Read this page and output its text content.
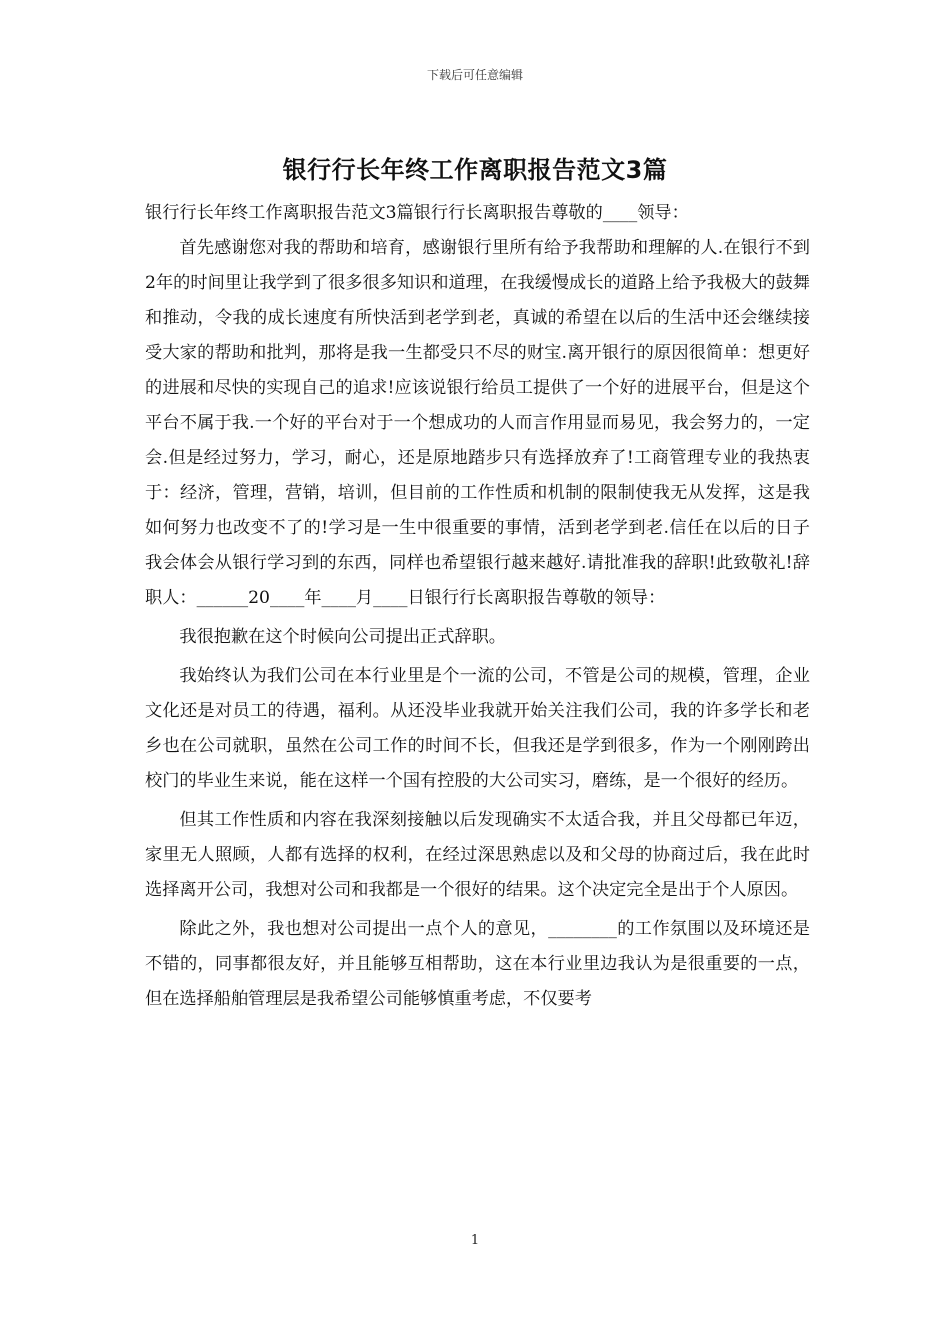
下载后可任意编辑
银行行长年终工作离职报告范文3篇

银行行长年终工作离职报告范文3篇银行行长离职报告尊敬的____领导：

首先感谢您对我的帮助和培育，感谢银行里所有给予我帮助和理解的人.在银行不到2年的时间里让我学到了很多很多知识和道理，在我缓慢成长的道路上给予我极大的鼓舞和推动，令我的成长速度有所快活到老学到老，真诚的希望在以后的生活中还会继续接受大家的帮助和批判，那将是我一生都受只不尽的财宝.离开银行的原因很简单：想更好的进展和尽快的实现自己的追求!应该说银行给员工提供了一个好的进展平台，但是这个平台不属于我.一个好的平台对于一个想成功的人而言作用显而易见，我会努力的，一定会.但是经过努力，学习，耐心，还是原地踏步只有选择放弃了!工商管理专业的我热衷于：经济，管理，营销，培训，但目前的工作性质和机制的限制使我无从发挥，这是我如何努力也改变不了的!学习是一生中很重要的事情，活到老学到老.信任在以后的日子我会体会从银行学习到的东西，同样也希望银行越来越好.请批准我的辞职!此致敬礼!辞职人：______20____年____月____日银行行长离职报告尊敬的领导：

我很抱歉在这个时候向公司提出正式辞职。

我始终认为我们公司在本行业里是个一流的公司，不管是公司的规模，管理，企业文化还是对员工的待遇，福利。从还没毕业我就开始关注我们公司，我的许多学长和老乡也在公司就职，虽然在公司工作的时间不长，但我还是学到很多，作为一个刚刚跨出校门的毕业生来说，能在这样一个国有控股的大公司实习，磨练，是一个很好的经历。

但其工作性质和内容在我深刻接触以后发现确实不太适合我，并且父母都已年迈，家里无人照顾，人都有选择的权利，在经过深思熟虑以及和父母的协商过后，我在此时选择离开公司，我想对公司和我都是一个很好的结果。这个决定完全是出于个人原因。

除此之外，我也想对公司提出一点个人的意见，________的工作氛围以及环境还是不错的，同事都很友好，并且能够互相帮助，这在本行业里边我认为是很重要的一点，但在选择船舶管理层是我希望公司能够慎重考虑，不仅要考

1
